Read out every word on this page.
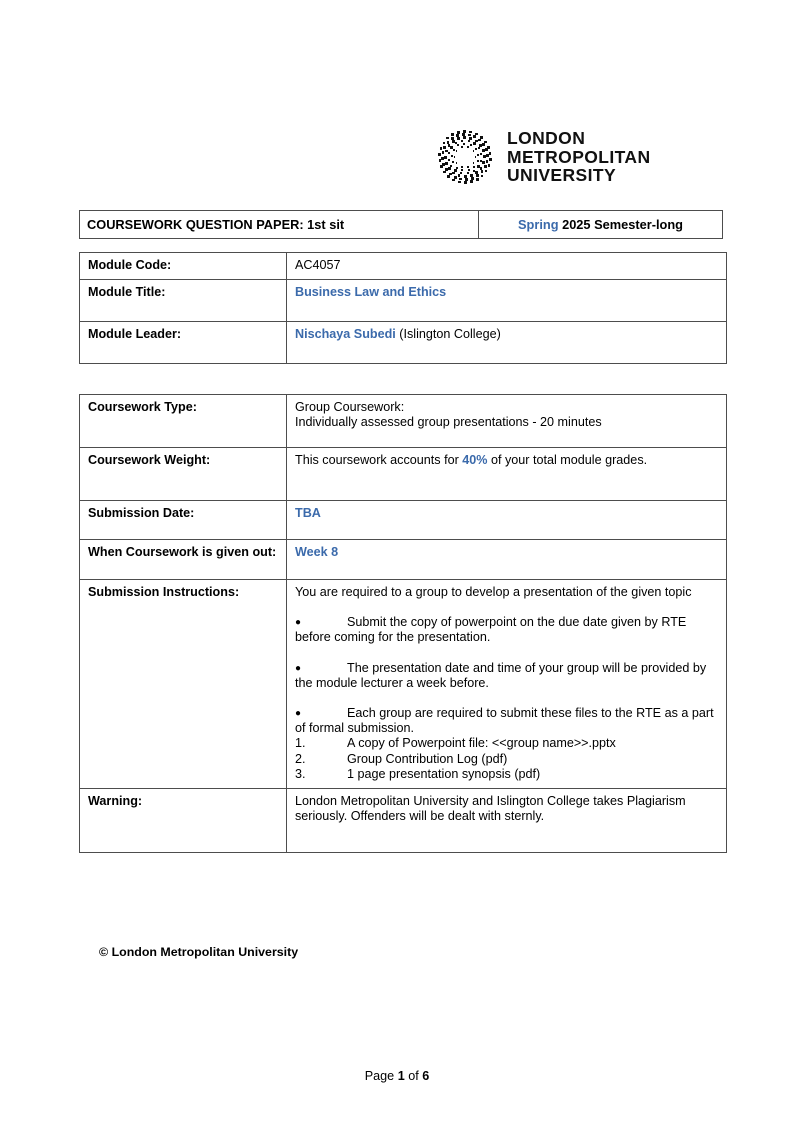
LONDON
METROPOLITAN
UNIVERSITY
COURSEWORK QUESTION PAPER: 1st sit	Spring 2025 Semester-long
Module Code:	AC4057
Module Title:	Business Law and Ethics
Module Leader:	Nischaya Subedi (Islington College)
Coursework Type:	Group Coursework:
Individually assessed group presentations - 20 minutes

Coursework Weight:	This coursework accounts for 40% of your total module grades.
Submission Date:	TBA
When Coursework is given out:	Week 8
Submission Instructions:	You are required to a group to develop a presentation of the given topic
●	Submit the copy of powerpoint on the due date given by RTE before coming for the presentation.
●	The presentation date and time of your group will be provided by the module lecturer a week before.
●	Each group are required to submit these files to the RTE as a part of formal submission.
1.	A copy of Powerpoint file: <<group name>>.pptx
2.	Group Contribution Log (pdf)
3.	1 page presentation synopsis (pdf)

Warning:	London Metropolitan University and Islington College takes Plagiarism seriously. Offenders will be dealt with sternly.
© London Metropolitan University
Page 1 of 6
